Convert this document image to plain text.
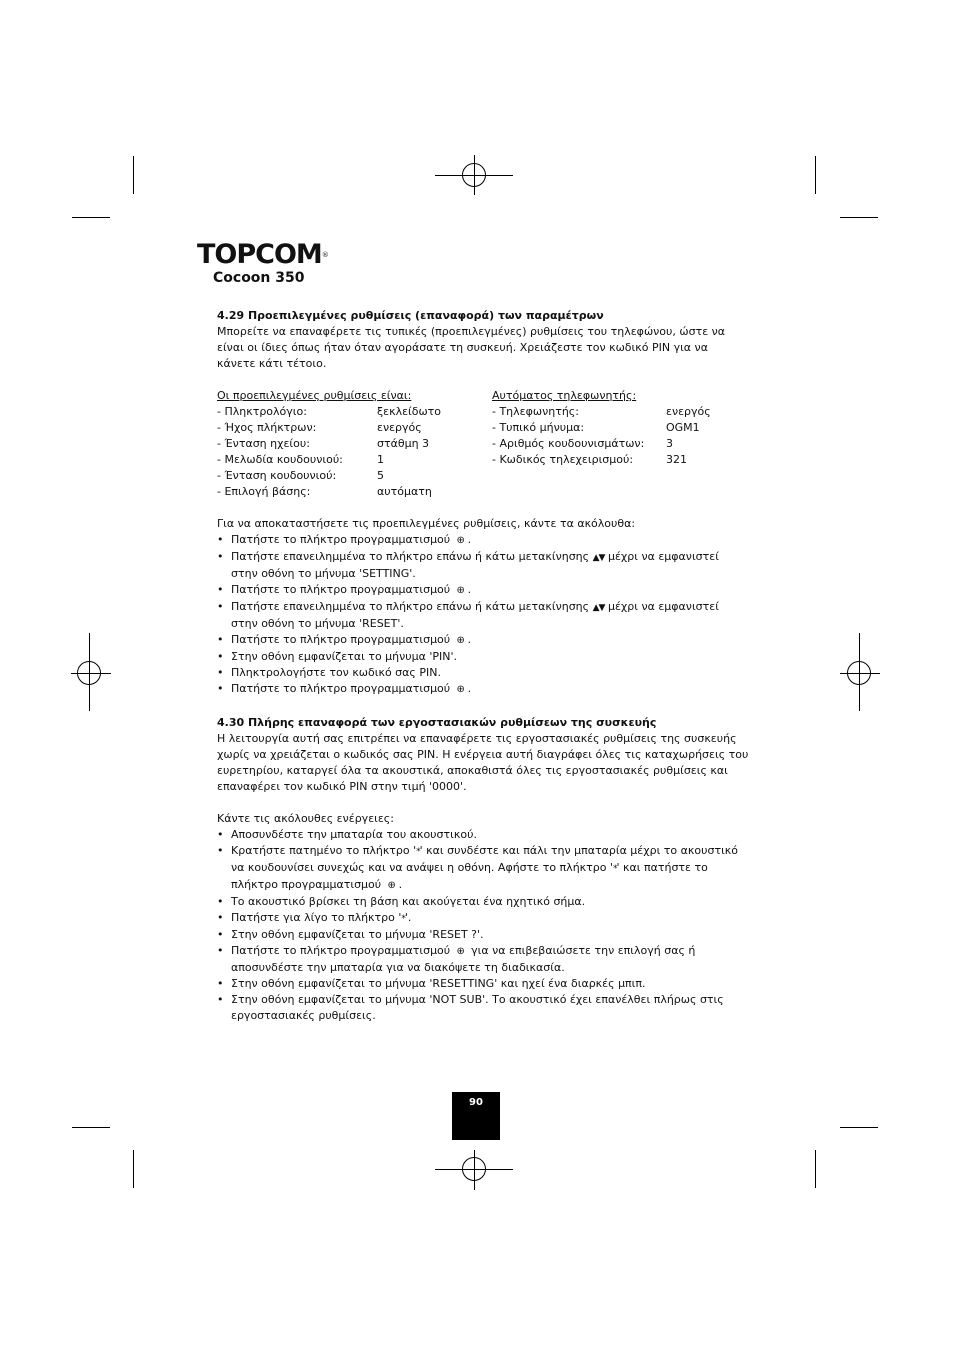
TOPCOM®
Cocoon 350

4.29 Προεπιλεγμένες ρυθμίσεις (επαναφορά) των παραμέτρων

Μπορείτε να επαναφέρετε τις τυπικές (προεπιλεγμένες) ρυθμίσεις του τηλεφώνου, ώστε να

είναι οι ίδιες όπως ήταν όταν αγοράσατε τη συσκευή. Χρειάζεστε τον κωδικό PIN για να

κάνετε κάτι τέτοιο.

Οι προεπιλεγμένες ρυθμίσεις είναι:

- Πληκτρολόγιο:	ξεκλείδωτο
- Ήχος πλήκτρων:	ενεργός
- Ένταση ηχείου:	στάθμη 3
- Μελωδία κουδουνιού:	1
- Ένταση κουδουνιού:	5
- Επιλογή βάσης:	αυτόματη

Αυτόματος τηλεφωνητής:

- Τηλεφωνητής:	ενεργός
- Τυπικό μήνυμα:	OGM1
- Αριθμός κουδουνισμάτων:	3
- Κωδικός τηλεχειρισμού:	321

Για να αποκαταστήσετε τις προεπιλεγμένες ρυθμίσεις, κάντε τα ακόλουθα:

• Πατήστε το πλήκτρο προγραμματισμού ⊕ .
• Πατήστε επανειλημμένα το πλήκτρο επάνω ή κάτω μετακίνησης ▲▼ μέχρι να εμφανιστεί
στην οθόνη το μήνυμα 'SETTING'.
• Πατήστε το πλήκτρο προγραμματισμού ⊕ .
• Πατήστε επανειλημμένα το πλήκτρο επάνω ή κάτω μετακίνησης ▲▼ μέχρι να εμφανιστεί
στην οθόνη το μήνυμα 'RESET'.
• Πατήστε το πλήκτρο προγραμματισμού ⊕ .
• Στην οθόνη εμφανίζεται το μήνυμα 'PIN'.
• Πληκτρολογήστε τον κωδικό σας PIN.
• Πατήστε το πλήκτρο προγραμματισμού ⊕ .

4.30 Πλήρης επαναφορά των εργοστασιακών ρυθμίσεων της συσκευής

Η λειτουργία αυτή σας επιτρέπει να επαναφέρετε τις εργοστασιακές ρυθμίσεις της συσκευής

χωρίς να χρειάζεται ο κωδικός σας PIN. Η ενέργεια αυτή διαγράφει όλες τις καταχωρήσεις του

ευρετηρίου, καταργεί όλα τα ακουστικά, αποκαθιστά όλες τις εργοστασιακές ρυθμίσεις και

επαναφέρει τον κωδικό PIN στην τιμή '0000'.

Κάντε τις ακόλουθες ενέργειες:

• Αποσυνδέστε την μπαταρία του ακουστικού.
• Κρατήστε πατημένο το πλήκτρο '*' και συνδέστε και πάλι την μπαταρία μέχρι το ακουστικό
να κουδουνίσει συνεχώς και να ανάψει η οθόνη. Αφήστε το πλήκτρο '*' και πατήστε το
πλήκτρο προγραμματισμού ⊕ .
• Το ακουστικό βρίσκει τη βάση και ακούγεται ένα ηχητικό σήμα.
• Πατήστε για λίγο το πλήκτρο '*'.
• Στην οθόνη εμφανίζεται το μήνυμα 'RESET ?'.
• Πατήστε το πλήκτρο προγραμματισμού ⊕ για να επιβεβαιώσετε την επιλογή σας ή
αποσυνδέστε την μπαταρία για να διακόψετε τη διαδικασία.
• Στην οθόνη εμφανίζεται το μήνυμα 'RESETTING' και ηχεί ένα διαρκές μπιπ.
• Στην οθόνη εμφανίζεται το μήνυμα 'NOT SUB'. Το ακουστικό έχει επανέλθει πλήρως στις
εργοστασιακές ρυθμίσεις.
90
